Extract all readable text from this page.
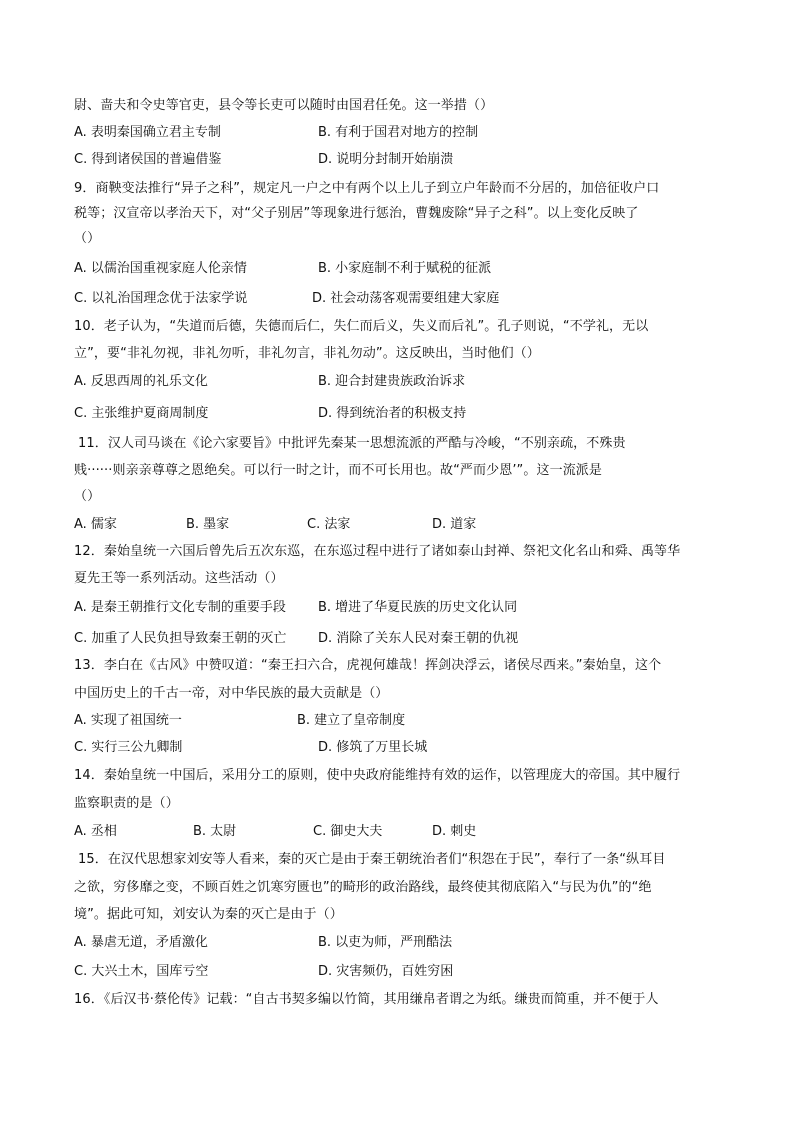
尉、啬夫和令史等官吏，县令等长吏可以随时由国君任免。这一举措（）
A. 表明秦国确立君主专制	B. 有利于国君对地方的控制
C. 得到诸侯国的普遍借鉴	D. 说明分封制开始崩溃
9．商鞅变法推行“异子之科”，规定凡一户之中有两个以上儿子到立户年龄而不分居的，加倍征收户口
税等；汉宣帝以孝治天下，对“父子别居”等现象进行惩治，曹魏废除“异子之科”。以上变化反映了
（）
A. 以儒治国重视家庭人伦亲情	B. 小家庭制不利于赋税的征派
C. 以礼治国理念优于法家学说	D. 社会动荡客观需要组建大家庭
10．老子认为，“失道而后德，失德而后仁，失仁而后义，失义而后礼”。孔子则说，“不学礼，无以
立”，要“非礼勿视，非礼勿听，非礼勿言，非礼勿动”。这反映出，当时他们（）
A. 反思西周的礼乐文化	B. 迎合封建贵族政治诉求
C. 主张维护夏商周制度	D. 得到统治者的积极支持
11．汉人司马谈在《论六家要旨》中批评先秦某一思想流派的严酷与冷峻，“不别亲疏，不殊贵
贱······则亲亲尊尊之恩绝矣。可以行一时之计，而不可长用也。故“严而少恩’”。这一流派是
（）
A. 儒家	B. 墨家	C. 法家	D. 道家
12．秦始皇统一六国后曾先后五次东巡，在东巡过程中进行了诸如泰山封禅、祭祀文化名山和舜、禹等华
夏先王等一系列活动。这些活动（）
A. 是秦王朝推行文化专制的重要手段 B. 增进了华夏民族的历史文化认同
C. 加重了人民负担导致秦王朝的灭亡 D. 消除了关东人民对秦王朝的仇视
13．李白在《古风》中赞叹道：“秦王扫六合，虎视何雄哉！挥剑决浮云，诸侯尽西来。”秦始皇，这个
中国历史上的千古一帝，对中华民族的最大贡献是（）
A. 实现了祖国统一	B. 建立了皇帝制度
C. 实行三公九卿制	D. 修筑了万里长城
14．秦始皇统一中国后，采用分工的原则，使中央政府能维持有效的运作，以管理庞大的帝国。其中履行
监察职责的是（）
A. 丞相	B. 太尉	C. 御史大夫	D. 刺史
15．在汉代思想家刘安等人看来，秦的灭亡是由于秦王朝统治者们“积怨在于民”，奉行了一条“纵耳目
之欲，穷侈靡之变，不顾百姓之饥寒穷匮也”的畸形的政治路线，最终使其彻底陷入“与民为仇”的“绝
境”。据此可知，刘安认为秦的灭亡是由于（）
A. 暴虐无道，矛盾激化	B. 以吏为师，严刑酷法
C. 大兴土木，国库亏空	D. 灾害频仍，百姓穷困
16．《后汉书·蔡伦传》记载：“自古书契多编以竹简，其用缣帛者谓之为纸。缣贵而简重，并不便于人
